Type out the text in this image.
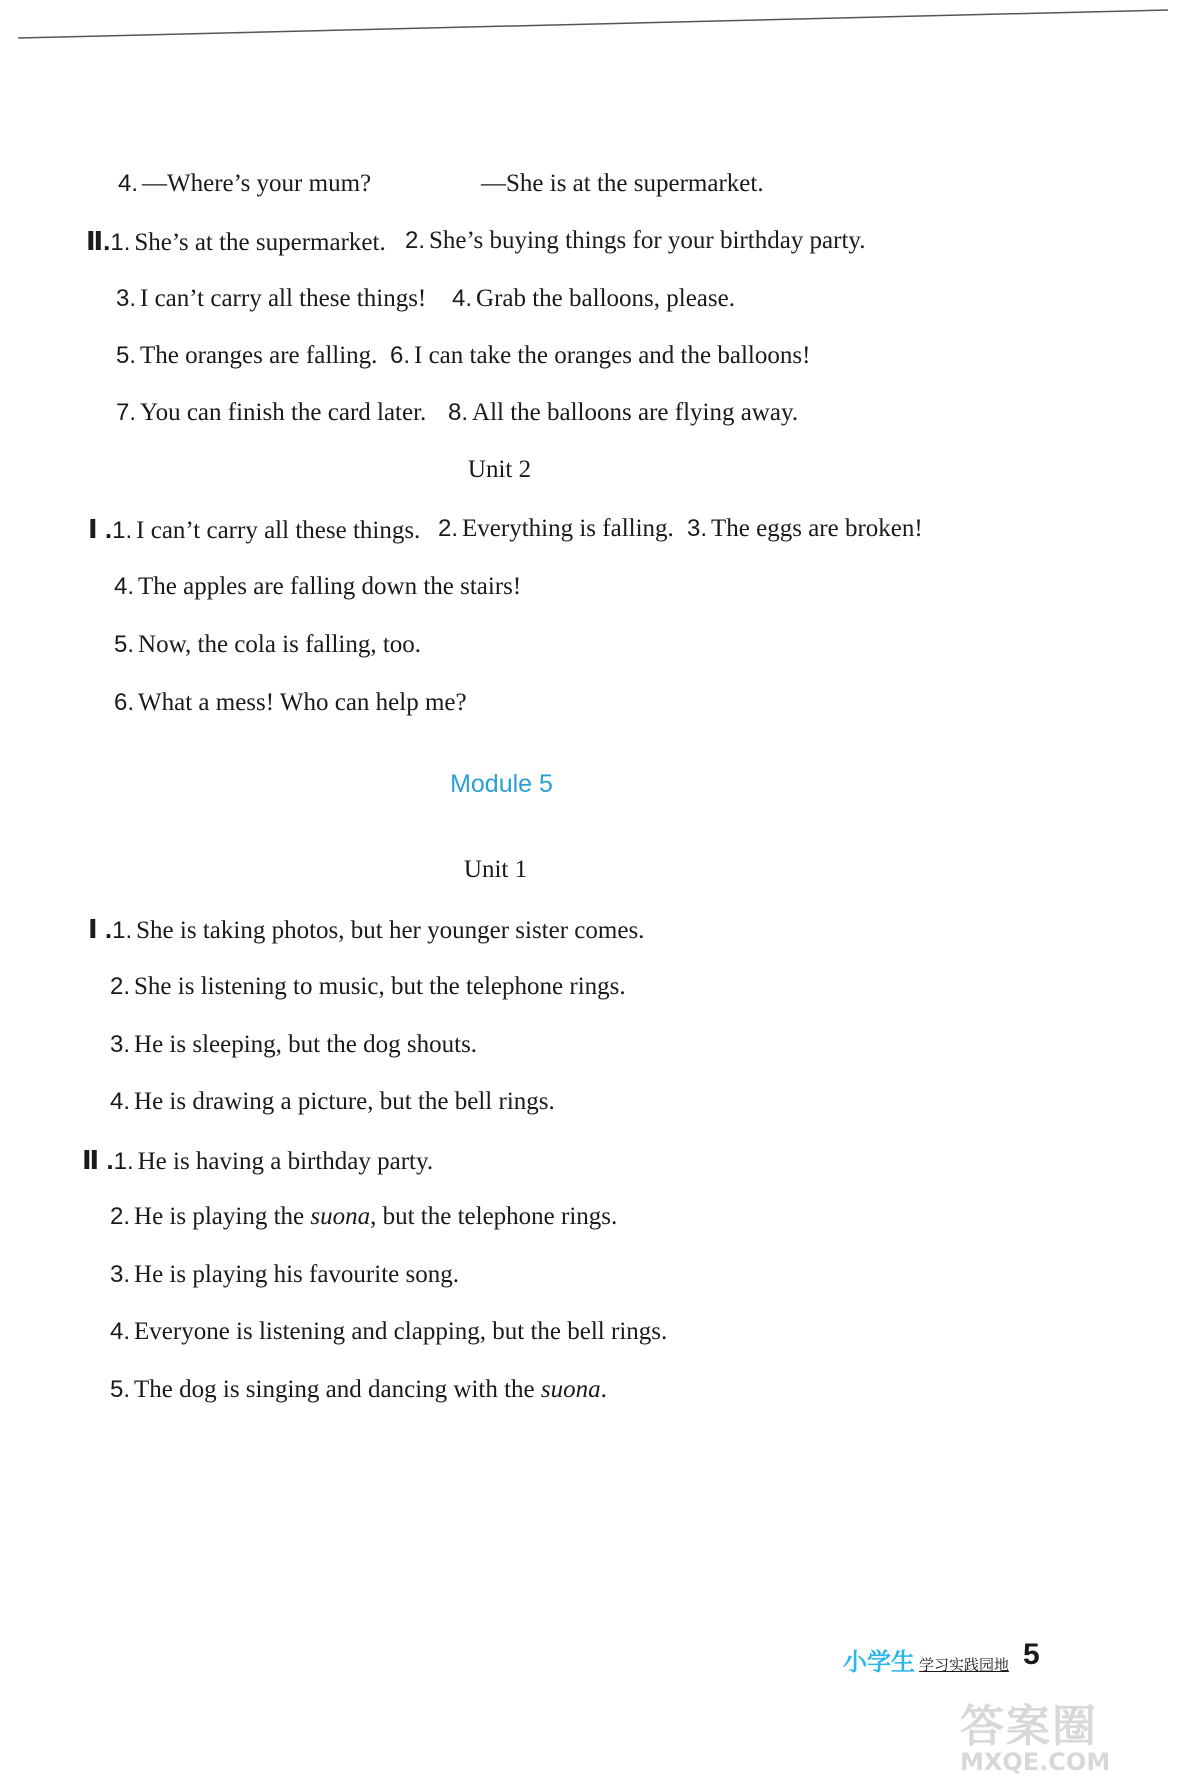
4. —Where’s your mum?	—She is at the supermarket.
Ⅱ.1. She’s at the supermarket. 2. She’s buying things for your birthday party.
3. I can’t carry all these things! 4. Grab the balloons, please.
5. The oranges are falling. 6. I can take the oranges and the balloons!
7. You can finish the card later. 8. All the balloons are flying away.
Unit 2
Ⅰ .1. I can’t carry all these things. 2. Everything is falling. 3. The eggs are broken!
4. The apples are falling down the stairs!
5. Now, the cola is falling, too.
6. What a mess! Who can help me?
Module 5
Unit 1
Ⅰ .1. She is taking photos, but her younger sister comes.
2. She is listening to music, but the telephone rings.
3. He is sleeping, but the dog shouts.
4. He is drawing a picture, but the bell rings.
Ⅱ .1. He is having a birthday party.
2. He is playing the suona, but the telephone rings.
3. He is playing his favourite song.
4. Everyone is listening and clapping, but the bell rings.
5. The dog is singing and dancing with the suona.
小学生 学习实践园地 5
答案圈
MXQE.COM
